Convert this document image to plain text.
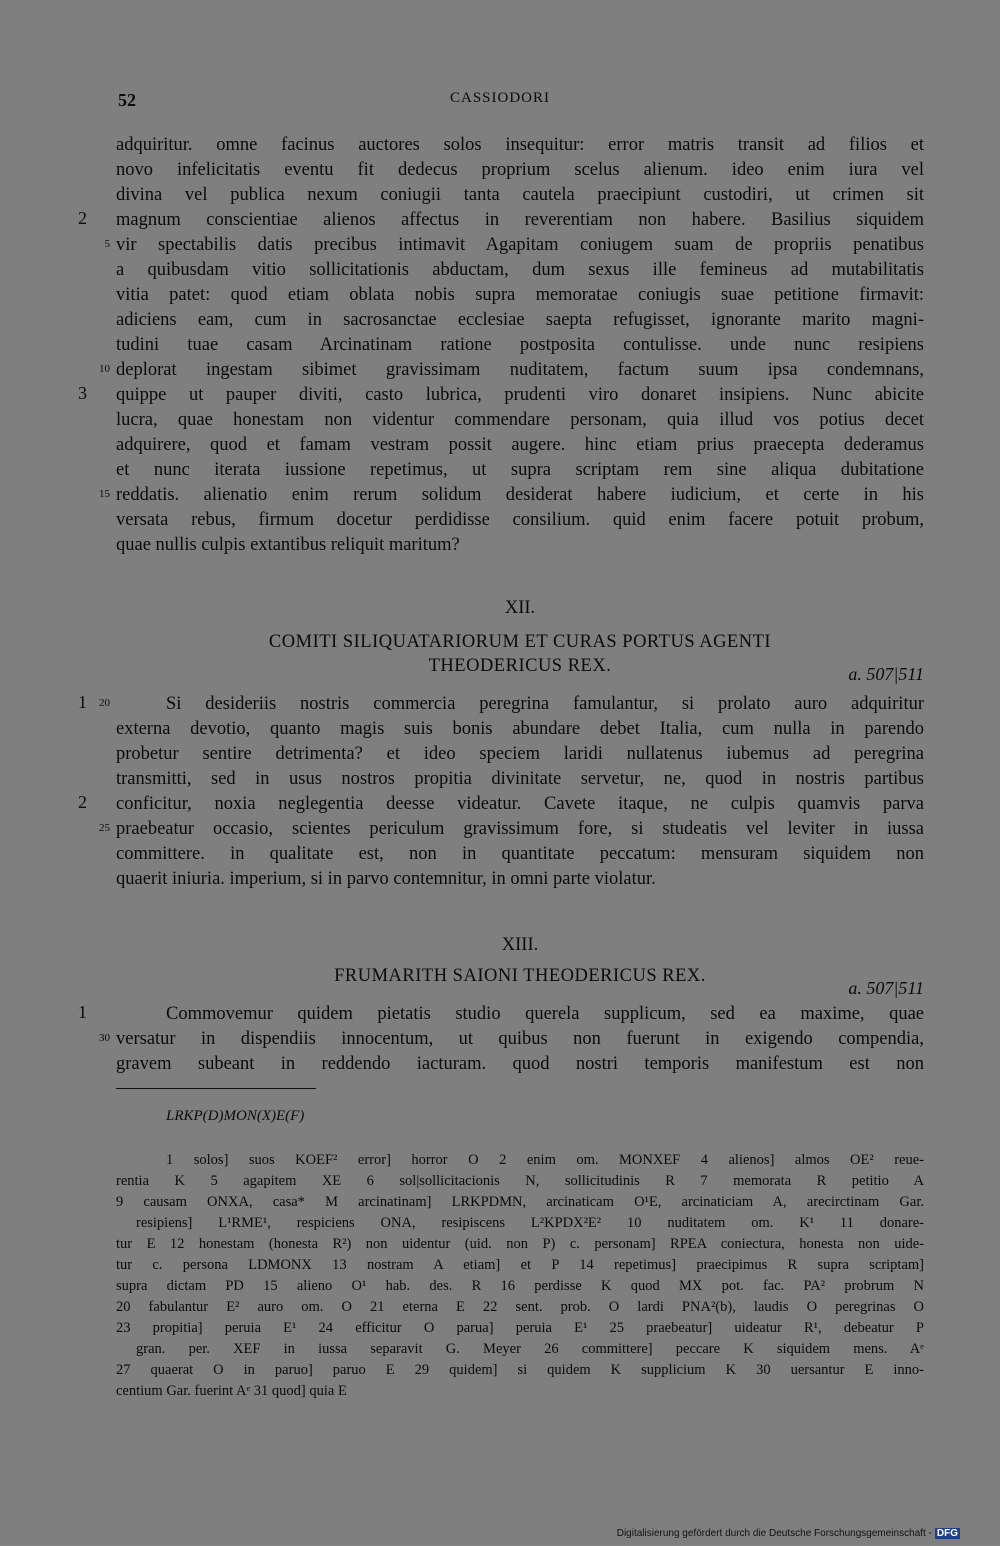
52	CASSIODORI
adquiritur. omne facinus auctores solos insequitur: error matris transit ad filios et
novo infelicitatis eventu fit dedecus proprium scelus alienum. ideo enim iura vel
divina vel publica nexum coniugii tanta cautela praecipiunt custodiri, ut crimen sit
magnum conscientiae alienos affectus in reverentiam non habere. Basilius siquidem
vir spectabilis datis precibus intimavit Agapitam coniugem suam de propriis penatibus
a quibusdam vitio sollicitationis abductam, dum sexus ille femineus ad mutabilitatis
vitia patet: quod etiam oblata nobis supra memoratae coniugis suae petitione firmavit:
adiciens eam, cum in sacrosanctae ecclesiae saepta refugisset, ignorante marito magni-
tudini tuae casam Arcinatinam ratione postposita contulisse. unde nunc resipiens
deplorat ingestam sibimet gravissimam nuditatem, factum suum ipsa condemnans,
quippe ut pauper diviti, casto lubrica, prudenti viro donaret insipiens. Nunc abicite
lucra, quae honestam non videntur commendare personam, quia illud vos potius decet
adquirere, quod et famam vestram possit augere. hinc etiam prius praecepta dederamus
et nunc iterata iussione repetimus, ut supra scriptam rem sine aliqua dubitatione
reddatis. alienatio enim rerum solidum desiderat habere iudicium, et certe in his
versata rebus, firmum docetur perdidisse consilium. quid enim facere potuit probum,
quae nullis culpis extantibus reliquit maritum?
2
5
10
3
15
XII.
COMITI SILIQUATARIORUM ET CURAS PORTUS AGENTI
THEODERICUS REX.	a. 507|511
Si desideriis nostris commercia peregrina famulantur, si prolato auro adquiritur
externa devotio, quanto magis suis bonis abundare debet Italia, cum nulla in parendo
probetur sentire detrimenta? et ideo speciem laridi nullatenus iubemus ad peregrina
transmitti, sed in usus nostros propitia divinitate servetur, ne, quod in nostris partibus
conficitur, noxia neglegentia deesse videatur. Cavete itaque, ne culpis quamvis parva
praebeatur occasio, scientes periculum gravissimum fore, si studeatis vel leviter in iussa
committere. in qualitate est, non in quantitate peccatum: mensuram siquidem non
quaerit iniuria. imperium, si in parvo contemnitur, in omni parte violatur.
1	20
2
25
XIII.
FRUMARITH SAIONI THEODERICUS REX.
a. 507|511
Commovemur quidem pietatis studio querela supplicum, sed ea maxime, quae
versatur in dispendiis innocentum, ut quibus non fuerunt in exigendo compendia,
gravem subeant in reddendo iacturam. quod nostri temporis manifestum est non
1
30
LRKP(D)MON(X)E(F)
1 solos] suos KOEF² error] horror O 2 enim om. MONXEF 4 alienos] almos OE² reue-
rentia K 5 agapitem XE 6 sol|sollicitacionis N, sollicitudinis R 7 memorata R petitio A
9 causam ONXA, casa* M arcinatinam] LRKPDMN, arcinaticam O¹E, arcinaticiam A, arecirctinam Gar.
resipiens] L¹RME¹, respiciens ONA, resipiscens L²KPDX²E² 10 nuditatem om. K¹ 11 donare-
tur E 12 honestam (honesta R²) non uidentur (uid. non P) c. personam] RPEA coniectura, honesta non uide-
tur c. persona LDMONX 13 nostram A etiam] et P 14 repetimus] praecipimus R supra scriptam]
supra dictam PD 15 alieno O¹ hab. des. R 16 perdisse K quod MX pot. fac. PA² probrum N
20 fabulantur E² auro om. O 21 eterna E 22 sent. prob. O lardi PNA²(b), laudis O peregrinas O
23 propitia] peruia E¹ 24 efficitur O parua] peruia E¹ 25 praebeatur] uideatur R¹, debeatur P
gran. per. XEF in iussa separavit G. Meyer 26 committere] peccare K siquidem mens. Aᵉ
27 quaerat O in paruo] paruo E 29 quidem] si quidem K supplicium K 30 uersantur E inno-
centium Gar. fuerint Aᵉ 31 quod] quia E
Digitalisierung gefördert durch die Deutsche Forschungsgemeinschaft - DFG
